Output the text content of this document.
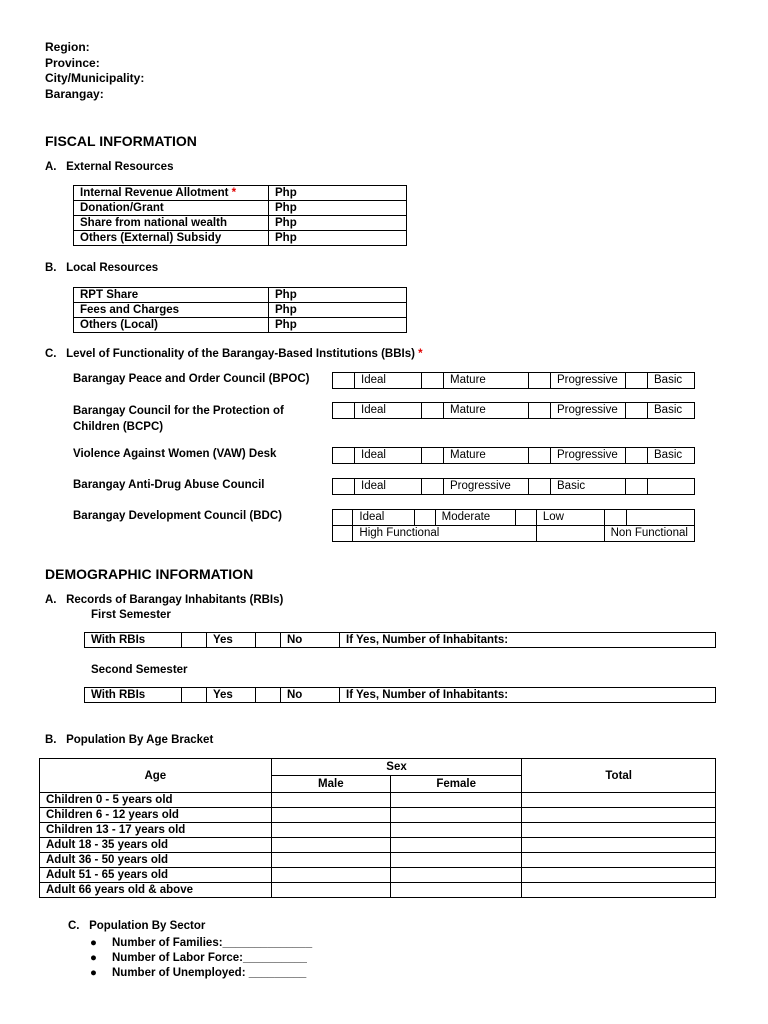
Region:
Province:
City/Municipality:
Barangay:
FISCAL INFORMATION
A.   External Resources
Internal Revenue Allotment *	Php
Donation/Grant	Php
Share from national wealth	Php
Others (External) Subsidy	Php
B.   Local Resources
RPT Share	Php
Fees and Charges	Php
Others (Local)	Php
C.   Level of Functionality of the Barangay-Based Institutions (BBIs) *
Barangay Peace and Order Council (BPOC)
		Ideal		Mature		Progressive		Basic
Barangay Council for the Protection of
Children (BCPC)
	Ideal		Mature		Progressive		Basic
Violence Against Women (VAW) Desk
		Ideal		Mature		Progressive		Basic
Barangay Anti-Drug Abuse Council
		Ideal		Progressive		Basic		
Barangay Development Council (BDC)
		Ideal		Moderate		Low		
	High Functional					Non Functional	
DEMOGRAPHIC INFORMATION
A.   Records of Barangay Inhabitants (RBIs)
First Semester
With RBIs		Yes		No	If Yes, Number of Inhabitants:
Second Semester
With RBIs		Yes		No	If Yes, Number of Inhabitants:
B.   Population By Age Bracket
Age	Sex		Total
	Male	Female	
Children 0 - 5 years old			
Children 6 - 12 years old			
Children 13 - 17 years old			
Adult 18 - 35 years old			
Adult 36 - 50 years old			
Adult 51 - 65 years old			
Adult 66 years old & above			
C.   Population By Sector
● Number of Families:______________
● Number of Labor Force:__________
● Number of Unemployed: _________
